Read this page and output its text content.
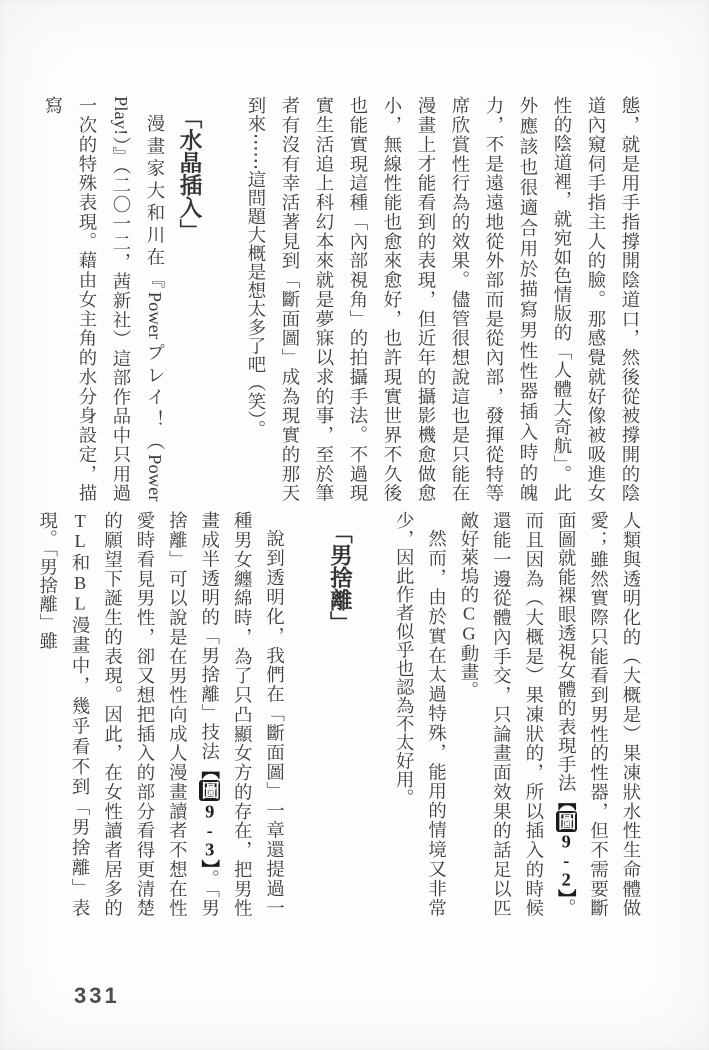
態，就是用手指撐開陰道口，然後從被撐開的陰道內窺伺手指主人的臉。那感覺就好像被吸進女性的陰道裡，就宛如色情版的「人體大奇航」。此外應該也很適合用於描寫男性性器插入時的魄力，不是遠遠地從外部而是從內部，發揮從特等席欣賞性行為的效果。儘管很想說這也是只能在漫畫上才能看到的表現，但近年的攝影機愈做愈小，無線性能也愈來愈好，也許現實世界不久後也能實現這種「內部視角」的拍攝手法。不過現實生活追上科幻本來就是夢寐以求的事，至於筆者有沒有幸活著見到「斷面圖」成為現實的那天到來⋯⋯這問題大概是想太多了吧（笑）。

「水晶插入」

漫畫家大和川在『Powerプレイ！（Power Play!）』（二〇一二，茜新社）這部作品中只用過一次的特殊表現。藉由女主角的水分身設定，描寫

人類與透明化的（大概是）果凍狀水性生命體做愛；雖然實際只能看到男性的性器，但不需要斷面圖就能裸眼透視女體的表現手法【圖9-2】。而且因為（大概是）果凍狀的，所以插入的時候還能一邊從體內手交，只論畫面效果的話足以匹敵好萊塢的CG動畫。

然而，由於實在太過特殊，能用的情境又非常少，因此作者似乎也認為不太好用。

「男捨離」

說到透明化，我們在「斷面圖」一章還提過一種男女纏綿時，為了只凸顯女方的存在，把男性畫成半透明的「男捨離」技法【圖9-3】。「男捨離」可以說是在男性向成人漫畫讀者不想在性愛時看見男性，卻又想把插入的部分看得更清楚的願望下誕生的表現。因此，在女性讀者居多的TL和BL漫畫中，幾乎看不到「男捨離」表現。「男捨離」雖

331
